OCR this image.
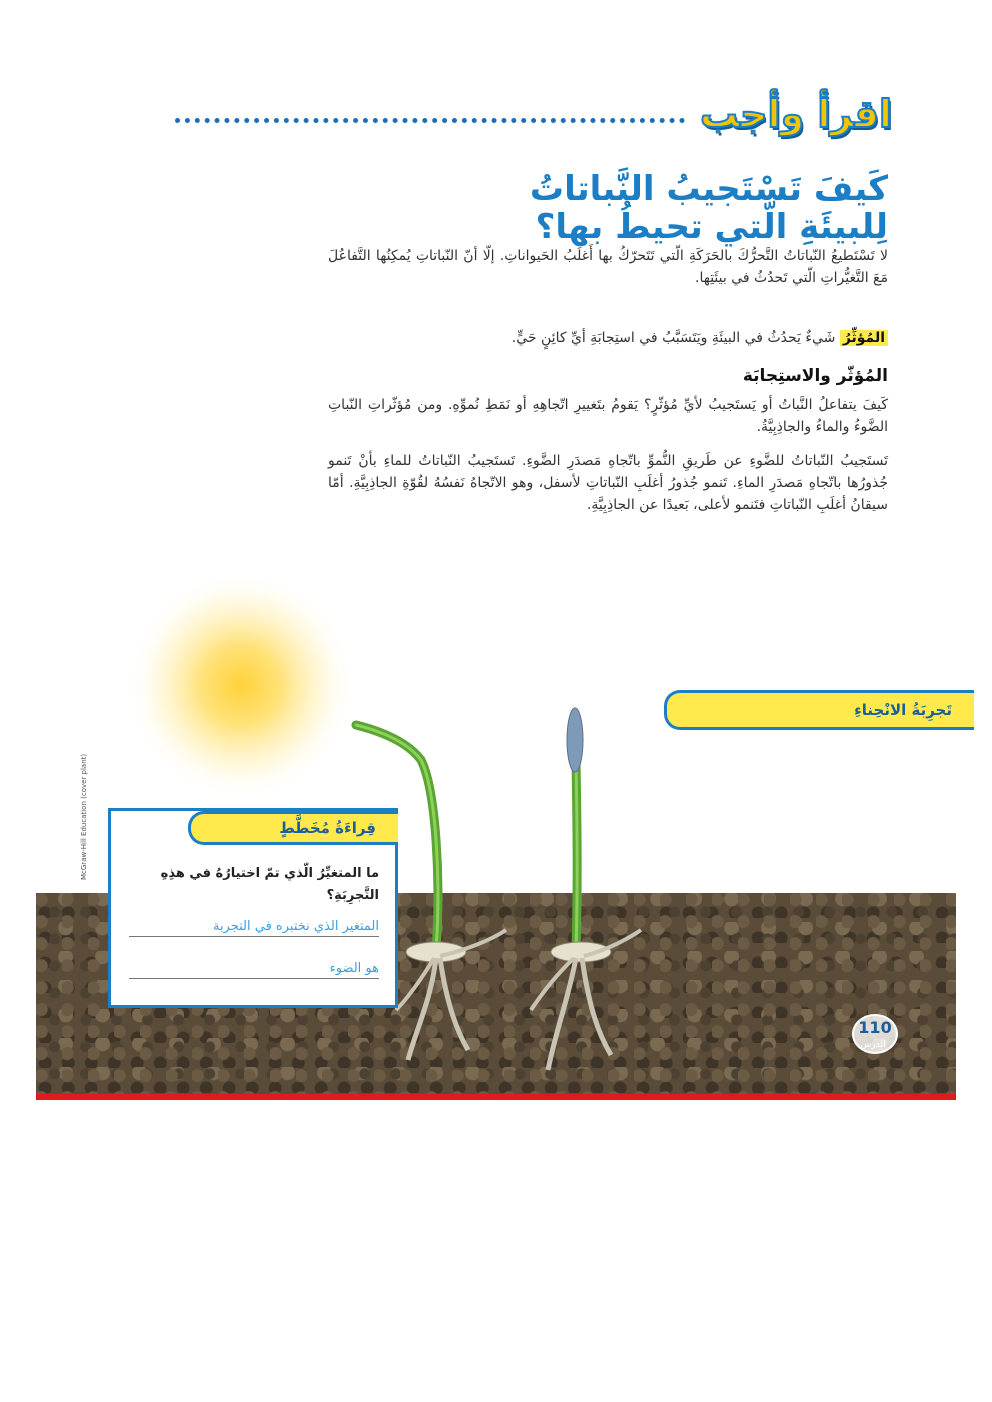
اقرأ وأجب
كَيفَ تَسْتَجيبُ النَّباتاتُ
لِلبيئَةِ الّتي تحيطُ بها؟
لا تَسْتَطيعُ النّباتاتُ التَّحرُّكَ بالحَرَكَةِ الّتي تَتَحرّكُ بها أَغلَبُ الحَيواناتِ. إلّا أنّ النّباتاتِ يُمكِنُها التَّفاعُلَ مَعَ التَّغيُّراتِ الّتي تَحدُثُ في بيئَتِها.
المُؤثِّرُ شَيءٌ يَحدُثُ في البيئَةِ ويَتَسَبَّبُ في استِجابَةِ أيِّ كائِنٍ حَيٍّ.
المُؤثّر والاستِجابَة
كَيفَ يتفاعلُ النَّباتُ أو يَستَجيبُ لأيِّ مُؤثّرٍ؟ يَقومُ بتَغييرِ اتّجاهِهِ أو نَمَطِ نُموِّهِ. ومن مُؤثّراتِ النّباتِ الضَّوءُ والماءُ والجاذِبِيَّةُ.
تَستَجيبُ النّباتاتُ للضَّوءِ عن طَريقِ النُّموِّ باتّجاهِ مَصدَرِ الضَّوءِ. تَستَجيبُ النّباتاتُ للماءِ بأنْ تَنمو جُذورُها باتّجاهِ مَصدَرِ الماءِ. تَنمو جُذورُ أغلَبِ النّباتاتِ لأسفل، وهو الاتّجاهُ نَفسُهُ لقُوّةِ الجاذِبِيَّةِ. أمّا سيقانُ أغلَبِ النّباتاتِ فتَنمو لأعلى، بَعيدًا عن الجاذِبِيَّةِ.
تَجرِبَةُ الانْحِناءِ
McGraw-Hill Education (cover plant)	قِراءَةُ مُخَطَّطٍ
ما المتغيِّرُ الّذي تمّ اختيارُهُ في هذِهِ التَّجرِبَةِ؟
المتغير الذي نختبره في التجربة
هو الضوء
110
الدرس
